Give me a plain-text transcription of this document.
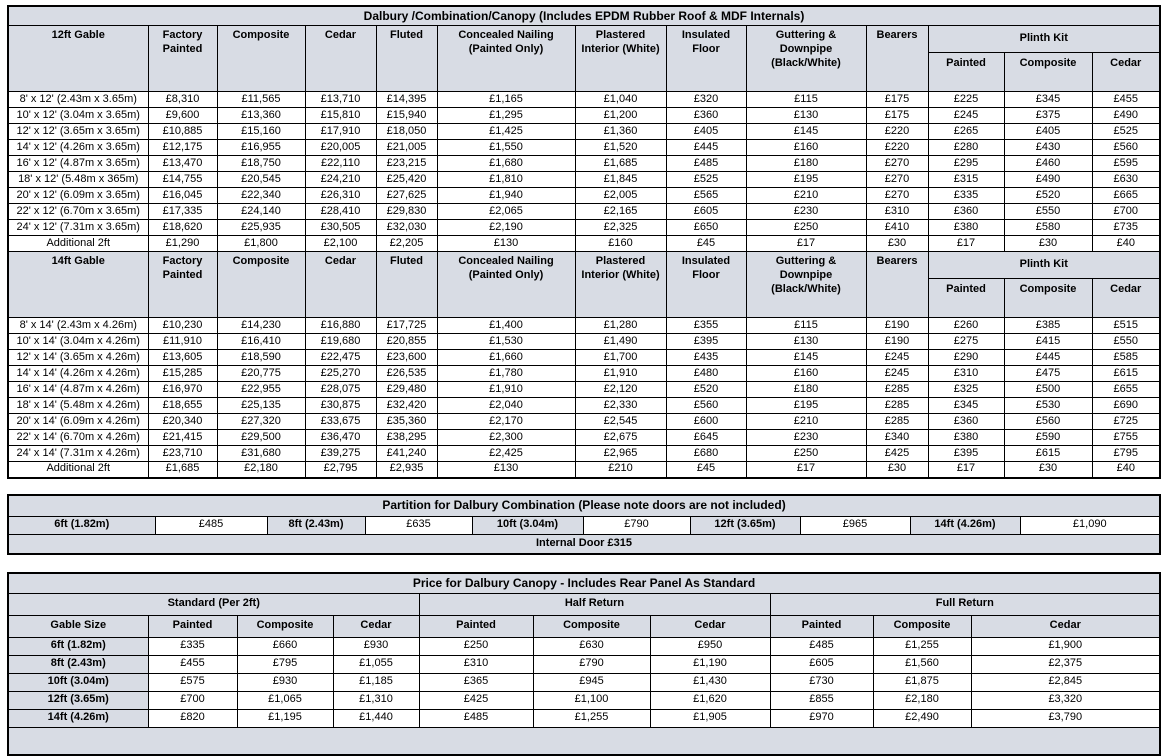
Dalbury /Combination/Canopy (Includes EPDM Rubber Roof & MDF Internals)												
12ft Gable	Factory Painted	Composite	Cedar	Fluted	Concealed Nailing (Painted Only)	Plastered Interior (White)	Insulated Floor	Guttering & Downpipe (Black/White)	Bearers	Plinth Kit		
										Painted	Composite	Cedar
8' x 12' (2.43m x 3.65m)	£8,310	£11,565	£13,710	£14,395	£1,165	£1,040	£320	£115	£175	£225	£345	£455
10' x 12' (3.04m x 3.65m)	£9,600	£13,360	£15,810	£15,940	£1,295	£1,200	£360	£130	£175	£245	£375	£490
12' x 12' (3.65m x 3.65m)	£10,885	£15,160	£17,910	£18,050	£1,425	£1,360	£405	£145	£220	£265	£405	£525
14' x 12' (4.26m x 3.65m)	£12,175	£16,955	£20,005	£21,005	£1,550	£1,520	£445	£160	£220	£280	£430	£560
16' x 12' (4.87m x 3.65m)	£13,470	£18,750	£22,110	£23,215	£1,680	£1,685	£485	£180	£270	£295	£460	£595
18' x 12' (5.48m x 365m)	£14,755	£20,545	£24,210	£25,420	£1,810	£1,845	£525	£195	£270	£315	£490	£630
20' x 12' (6.09m x 3.65m)	£16,045	£22,340	£26,310	£27,625	£1,940	£2,005	£565	£210	£270	£335	£520	£665
22' x 12' (6.70m x 3.65m)	£17,335	£24,140	£28,410	£29,830	£2,065	£2,165	£605	£230	£310	£360	£550	£700
24' x 12' (7.31m x 3.65m)	£18,620	£25,935	£30,505	£32,030	£2,190	£2,325	£650	£250	£410	£380	£580	£735
Additional 2ft	£1,290	£1,800	£2,100	£2,205	£130	£160	£45	£17	£30	£17	£30	£40
14ft Gable	Factory Painted	Composite	Cedar	Fluted	Concealed Nailing (Painted Only)	Plastered Interior (White)	Insulated Floor	Guttering & Downpipe (Black/White)	Bearers	Plinth Kit		
										Painted	Composite	Cedar
8' x 14' (2.43m x 4.26m)	£10,230	£14,230	£16,880	£17,725	£1,400	£1,280	£355	£115	£190	£260	£385	£515
10' x 14' (3.04m x 4.26m)	£11,910	£16,410	£19,680	£20,855	£1,530	£1,490	£395	£130	£190	£275	£415	£550
12' x 14' (3.65m x 4.26m)	£13,605	£18,590	£22,475	£23,600	£1,660	£1,700	£435	£145	£245	£290	£445	£585
14' x 14' (4.26m x 4.26m)	£15,285	£20,775	£25,270	£26,535	£1,780	£1,910	£480	£160	£245	£310	£475	£615
16' x 14' (4.87m x 4.26m)	£16,970	£22,955	£28,075	£29,480	£1,910	£2,120	£520	£180	£285	£325	£500	£655
18' x 14' (5.48m x 4.26m)	£18,655	£25,135	£30,875	£32,420	£2,040	£2,330	£560	£195	£285	£345	£530	£690
20' x 14' (6.09m x 4.26m)	£20,340	£27,320	£33,675	£35,360	£2,170	£2,545	£600	£210	£285	£360	£560	£725
22' x 14' (6.70m x 4.26m)	£21,415	£29,500	£36,470	£38,295	£2,300	£2,675	£645	£230	£340	£380	£590	£755
24' x 14' (7.31m x 4.26m)	£23,710	£31,680	£39,275	£41,240	£2,425	£2,965	£680	£250	£425	£395	£615	£795
Additional 2ft	£1,685	£2,180	£2,795	£2,935	£130	£210	£45	£17	£30	£17	£30	£40
Partition for Dalbury Combination (Please note doors are not included)
6ft (1.82m)	£485	8ft (2.43m)	£635	10ft (3.04m)	£790	12ft (3.65m)	£965	14ft (4.26m)	£1,090
Internal Door £315
Price for Dalbury Canopy - Includes Rear Panel As Standard									
Standard (Per 2ft)				Half Return			Full Return		
Gable Size	Painted	Composite	Cedar	Painted	Composite	Cedar	Painted	Composite	Cedar
6ft (1.82m)	£335	£660	£930	£250	£630	£950	£485	£1,255	£1,900
8ft (2.43m)	£455	£795	£1,055	£310	£790	£1,190	£605	£1,560	£2,375
10ft (3.04m)	£575	£930	£1,185	£365	£945	£1,430	£730	£1,875	£2,845
12ft (3.65m)	£700	£1,065	£1,310	£425	£1,100	£1,620	£855	£2,180	£3,320
14ft (4.26m)	£820	£1,195	£1,440	£485	£1,255	£1,905	£970	£2,490	£3,790
